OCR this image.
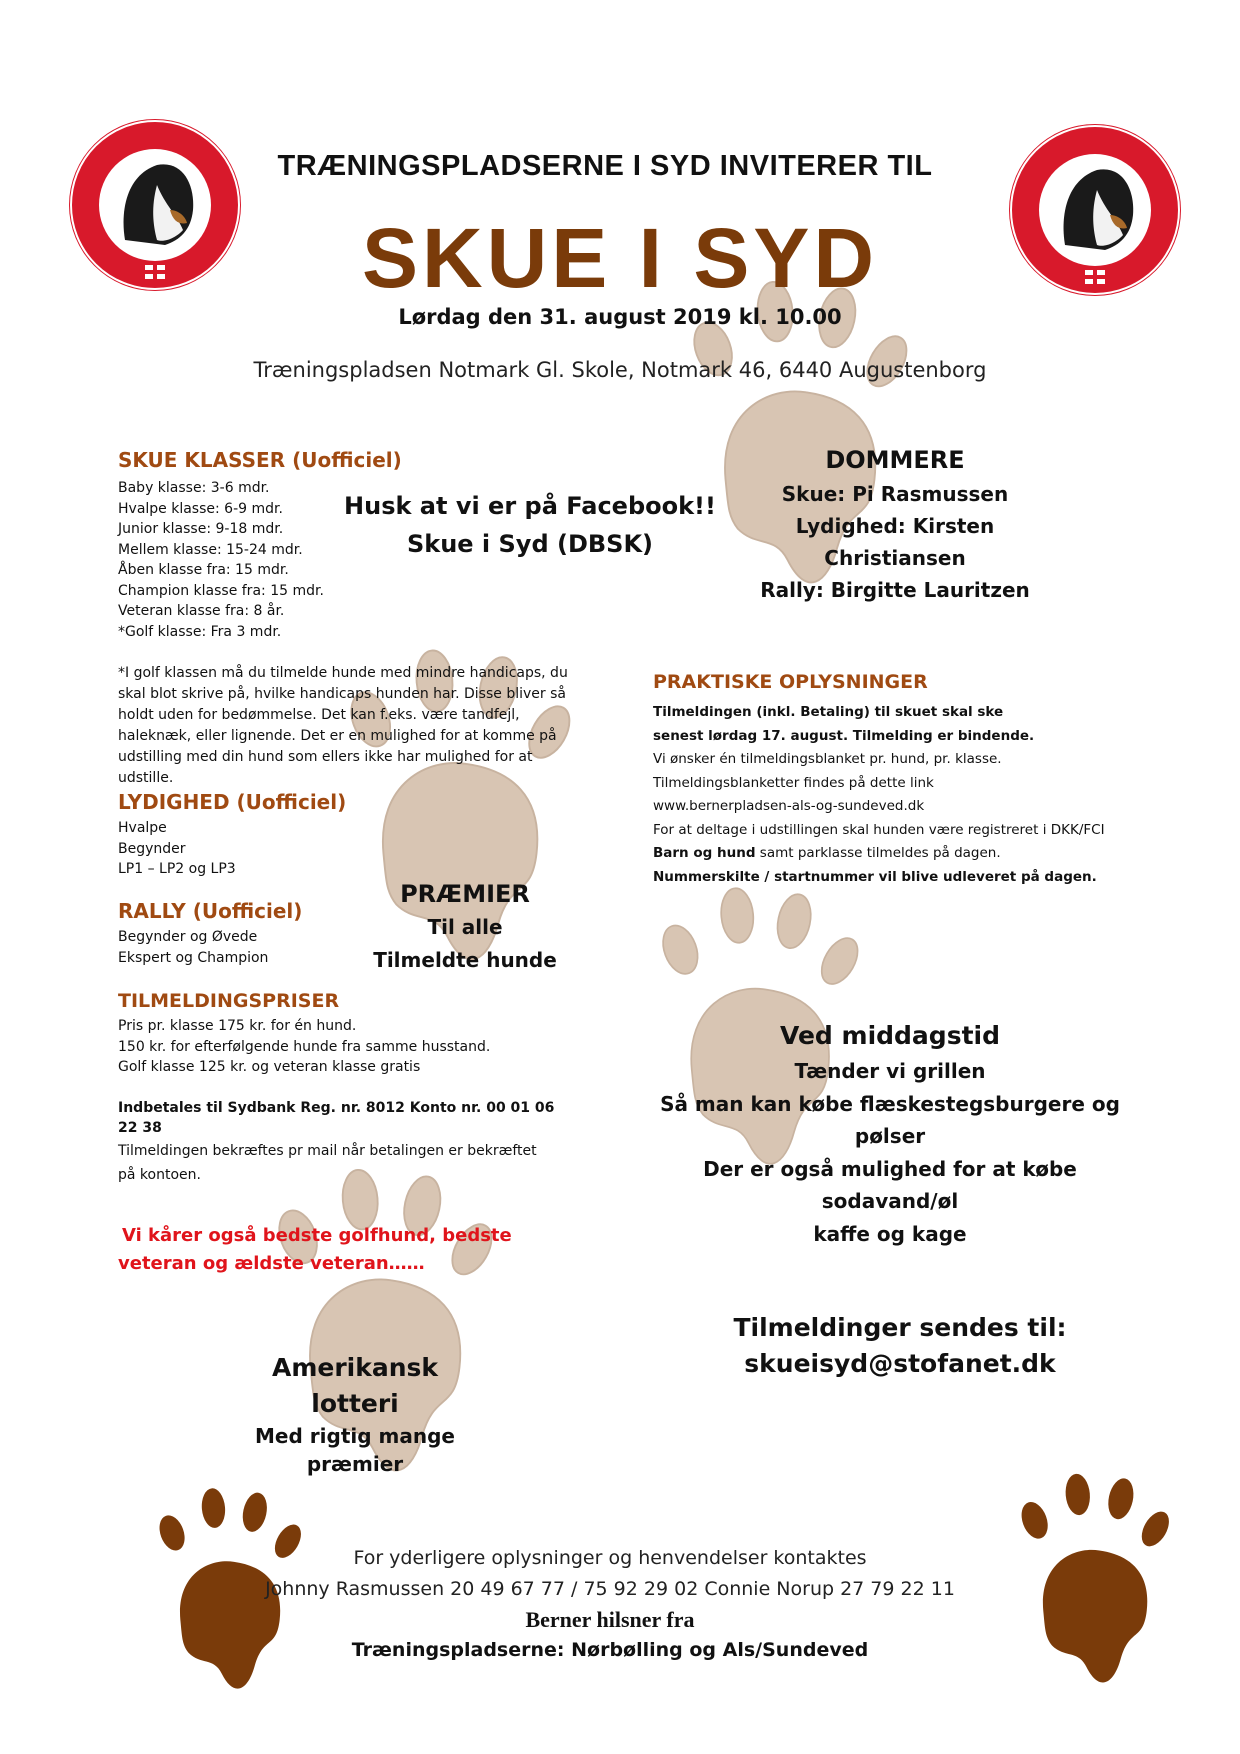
TRÆNINGSPLADSERNE I SYD INVITERER TIL
SKUE I SYD
Lørdag den 31. august 2019 kl. 10.00
Træningspladsen Notmark Gl. Skole, Notmark 46, 6440 Augustenborg
SKUE KLASSER (Uofficiel)

Baby klasse: 3-6 mdr.

Hvalpe klasse: 6-9 mdr.

Junior klasse: 9-18 mdr.

Mellem klasse: 15-24 mdr.

Åben klasse fra: 15 mdr.

Champion klasse fra: 15 mdr.

Veteran klasse fra: 8 år.

*Golf klasse: Fra 3 mdr.

*I golf klassen må du tilmelde hunde med mindre handicaps, du skal blot skrive på, hvilke handicaps hunden har. Disse bliver så holdt uden for bedømmelse. Det kan f.eks. være tandfejl, haleknæk, eller lignende. Det er en mulighed for at komme på udstilling med din hund som ellers ikke har mulighed for at udstille.
Husk at vi er på Facebook!!
Skue i Syd (DBSK)
DOMMERE
Skue: Pi Rasmussen
Lydighed: Kirsten Christiansen
Rally: Birgitte Lauritzen
PRAKTISKE OPLYSNINGER

Tilmeldingen (inkl. Betaling) til skuet skal ske

senest lørdag 17. august. Tilmelding er bindende.

Vi ønsker én tilmeldingsblanket pr. hund, pr. klasse.

Tilmeldingsblanketter findes på dette link

www.bernerpladsen-als-og-sundeved.dk

For at deltage i udstillingen skal hunden være registreret i DKK/FCI

Barn og hund samt parklasse tilmeldes på dagen.

Nummerskilte / startnummer vil blive udleveret på dagen.

LYDIGHED (Uofficiel)

Hvalpe

Begynder

LP1 – LP2 og LP3

PRÆMIER
Til alle
Tilmeldte hunde
RALLY (Uofficiel)

Begynder og Øvede

Ekspert og Champion

TILMELDINGSPRISER

Pris pr. klasse 175 kr. for én hund.

150 kr. for efterfølgende hunde fra samme husstand.

Golf klasse 125 kr. og veteran klasse gratis

Indbetales til Sydbank Reg. nr. 8012 Konto nr. 00 01 06 22 38
Tilmeldingen bekræftes pr mail når betalingen er bekræftet på kontoen.
Ved middagstid
Tænder vi grillen
Så man kan købe flæskestegsburgere og pølser
Der er også mulighed for at købe
sodavand/øl
kaffe og kage
Vi kårer også bedste golfhund, bedste veteran og ældste veteran……
Tilmeldinger sendes til:
skueisyd@stofanet.dk
Amerikansk lotteri
Med rigtig mange
præmier
For yderligere oplysninger og henvendelser kontaktes
Johnny Rasmussen 20 49 67 77 / 75 92 29 02 Connie Norup 27 79 22 11
Berner hilsner fra
Træningspladserne: Nørbølling og Als/Sundeved
